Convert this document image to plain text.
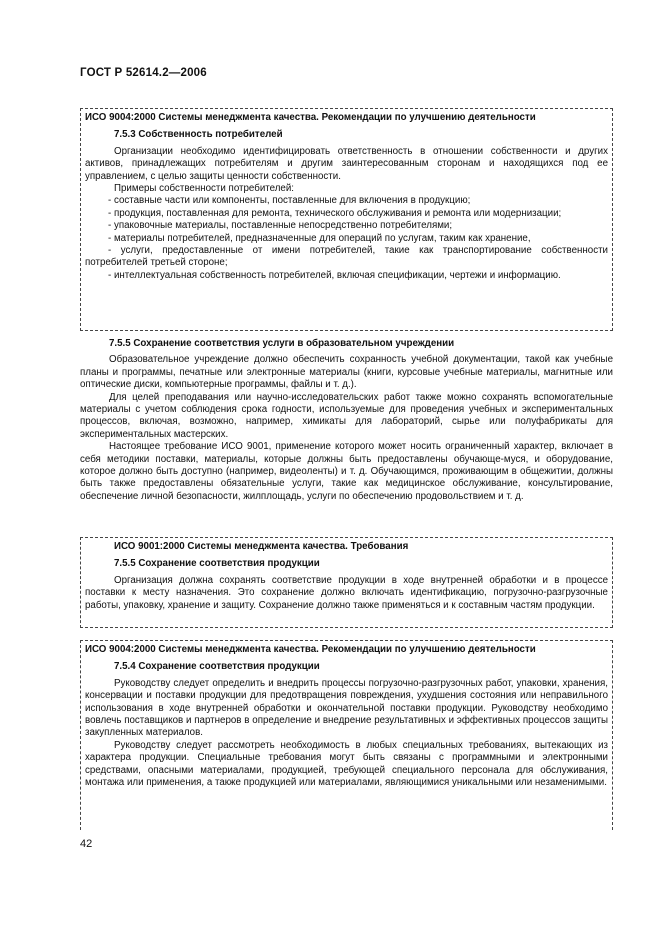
ГОСТ Р 52614.2—2006

ИСО 9004:2000 Системы менеджмента качества. Рекомендации по улучшению деятельности

7.5.3 Собственность потребителей

Организации необходимо идентифицировать ответственность в отношении собственности и других активов, принадлежащих потребителям и другим заинтересованным сторонам и находящихся под ее управлением, с целью защиты ценности собственности.

Примеры собственности потребителей:

- составные части или компоненты, поставленные для включения в продукцию;

- продукция, поставленная для ремонта, технического обслуживания и ремонта или модернизации;

- упаковочные материалы, поставленные непосредственно потребителями;

- материалы потребителей, предназначенные для операций по услугам, таким как хранение,

- услуги, предоставленные от имени потребителей, такие как транспортирование собственности потребителей третьей стороне;

- интеллектуальная собственность потребителей, включая спецификации, чертежи и информацию.

7.5.5 Сохранение соответствия услуги в образовательном учреждении

Образовательное учреждение должно обеспечить сохранность учебной документации, такой как учебные планы и программы, печатные или электронные материалы (книги, курсовые учебные материалы, магнитные или оптические диски, компьютерные программы, файлы и т. д.).

Для целей преподавания или научно-исследовательских работ также можно сохранять вспомогательные материалы с учетом соблюдения срока годности, используемые для проведения учебных и экспериментальных процессов, включая, возможно, например, химикаты для лабораторий, сырье или полуфабрикаты для экспериментальных мастерских.

Настоящее требование ИСО 9001, применение которого может носить ограниченный характер, включает в себя методики поставки, материалы, которые должны быть предоставлены обучающе-муся, и оборудование, которое должно быть доступно (например, видеоленты) и т. д. Обучающимся, проживающим в общежитии, должны быть также предоставлены обязательные услуги, такие как медицинское обслуживание, консультирование, обеспечение личной безопасности, жилплощадь, услуги по обеспечению продовольствием и т. д.

ИСО 9001:2000 Системы менеджмента качества. Требования

7.5.5 Сохранение соответствия продукции

Организация должна сохранять соответствие продукции в ходе внутренней обработки и в процессе поставки к месту назначения. Это сохранение должно включать идентификацию, погрузочно-разгрузочные работы, упаковку, хранение и защиту. Сохранение должно также применяться и к составным частям продукции.

ИСО 9004:2000 Системы менеджмента качества. Рекомендации по улучшению деятельности

7.5.4 Сохранение соответствия продукции

Руководству следует определить и внедрить процессы погрузочно-разгрузочных работ, упаковки, хранения, консервации и поставки продукции для предотвращения повреждения, ухудшения состояния или неправильного использования в ходе внутренней обработки и окончательной поставки продукции. Руководству необходимо вовлечь поставщиков и партнеров в определение и внедрение результативных и эффективных процессов защиты закупленных материалов.

Руководству следует рассмотреть необходимость в любых специальных требованиях, вытекающих из характера продукции. Специальные требования могут быть связаны с программными и электронными средствами, опасными материалами, продукцией, требующей специального персонала для обслуживания, монтажа или применения, а также продукцией или материалами, являющимися уникальными или незаменимыми.

42
